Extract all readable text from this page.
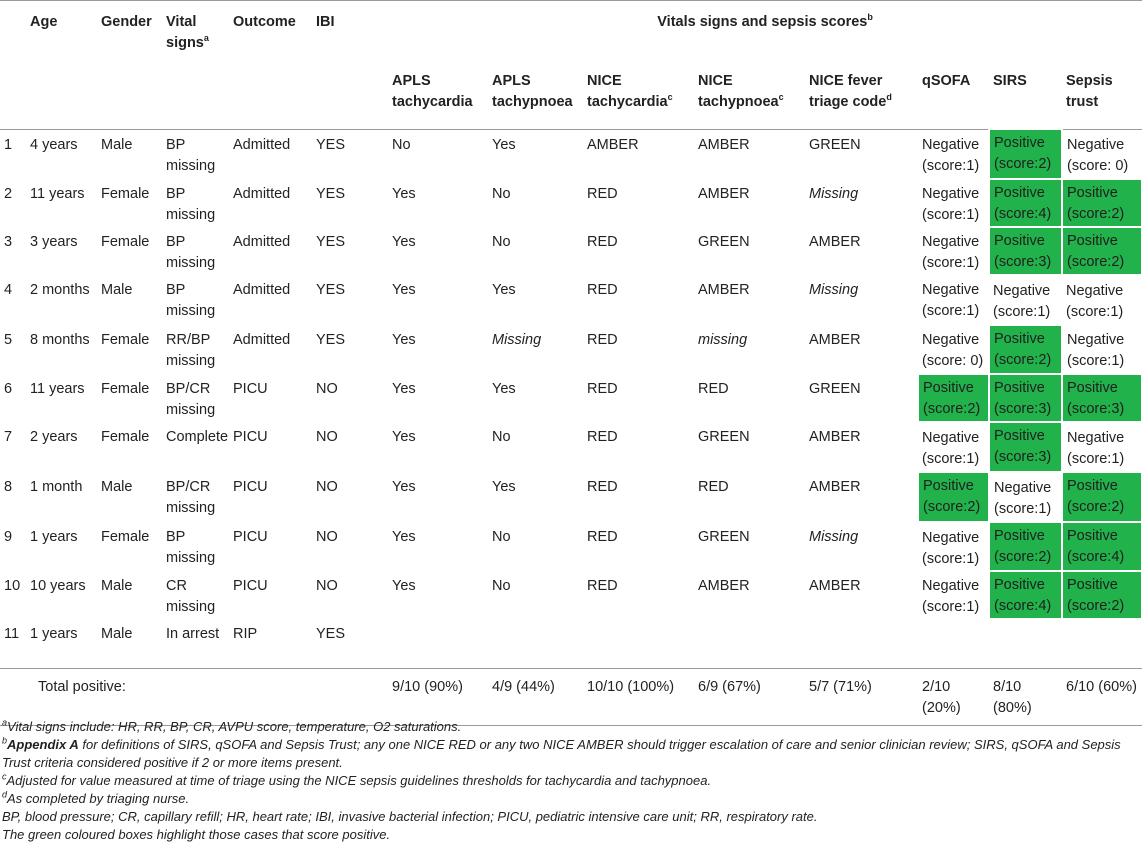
	Age	Gender	Vital signs$^a$	Outcome	IBI	Vitals signs and sepsis scores$^b$
						APLS tachycardia	APLS tachypnoea	NICE tachycardia$^c$	NICE tachypnoea$^c$	NICE fever triage code$^d$	qSOFA	SIRS	Sepsis trust
1	4 years	Male	BP missing	Admitted	YES	No	Yes	AMBER	AMBER	GREEN	Negative (score:1)	Positive (score:2)	Negative (score: 0)
2	11 years	Female	BP missing	Admitted	YES	Yes	No	RED	AMBER	Missing	Negative (score:1)	Positive (score:4)	Positive (score:2)
3	3 years	Female	BP missing	Admitted	YES	Yes	No	RED	GREEN	AMBER	Negative (score:1)	Positive (score:3)	Positive (score:2)
4	2 months	Male	BP missing	Admitted	YES	Yes	Yes	RED	AMBER	Missing	Negative (score:1)	Negative (score:1)	Negative (score:1)
5	8 months	Female	RR/BP missing	Admitted	YES	Yes	Missing	RED	missing	AMBER	Negative (score: 0)	Positive (score:2)	Negative (score:1)
6	11 years	Female	BP/CR missing	PICU	NO	Yes	Yes	RED	RED	GREEN	Positive (score:2)	Positive (score:3)	Positive (score:3)
7	2 years	Female	Complete	PICU	NO	Yes	No	RED	GREEN	AMBER	Negative (score:1)	Positive (score:3)	Negative (score:1)
8	1 month	Male	BP/CR missing	PICU	NO	Yes	Yes	RED	RED	AMBER	Positive (score:2)	Negative (score:1)	Positive (score:2)
9	1 years	Female	BP missing	PICU	NO	Yes	No	RED	GREEN	Missing	Negative (score:1)	Positive (score:2)	Positive (score:4)
10	10 years	Male	CR missing	PICU	NO	Yes	No	RED	AMBER	AMBER	Negative (score:1)	Positive (score:4)	Positive (score:2)
11	1 years	Male	In arrest	RIP	YES								
	Total positive:					9/10 (90%)	4/9 (44%)	10/10 (100%)	6/9 (67%)	5/7 (71%)	2/10 (20%)	8/10 (80%)	6/10 (60%)

$^a$Vital signs include: HR, RR, BP, CR, AVPU score, temperature, O2 saturations.

$^b$Appendix A for definitions of SIRS, qSOFA and Sepsis Trust; any one NICE RED or any two NICE AMBER should trigger escalation of care and senior clinician review; SIRS, qSOFA and Sepsis Trust criteria considered positive if 2 or more items present.

$^c$Adjusted for value measured at time of triage using the NICE sepsis guidelines thresholds for tachycardia and tachypnoea.

$^d$As completed by triaging nurse.

BP, blood pressure; CR, capillary refill; HR, heart rate; IBI, invasive bacterial infection; PICU, pediatric intensive care unit; RR, respiratory rate.

The green coloured boxes highlight those cases that score positive.
